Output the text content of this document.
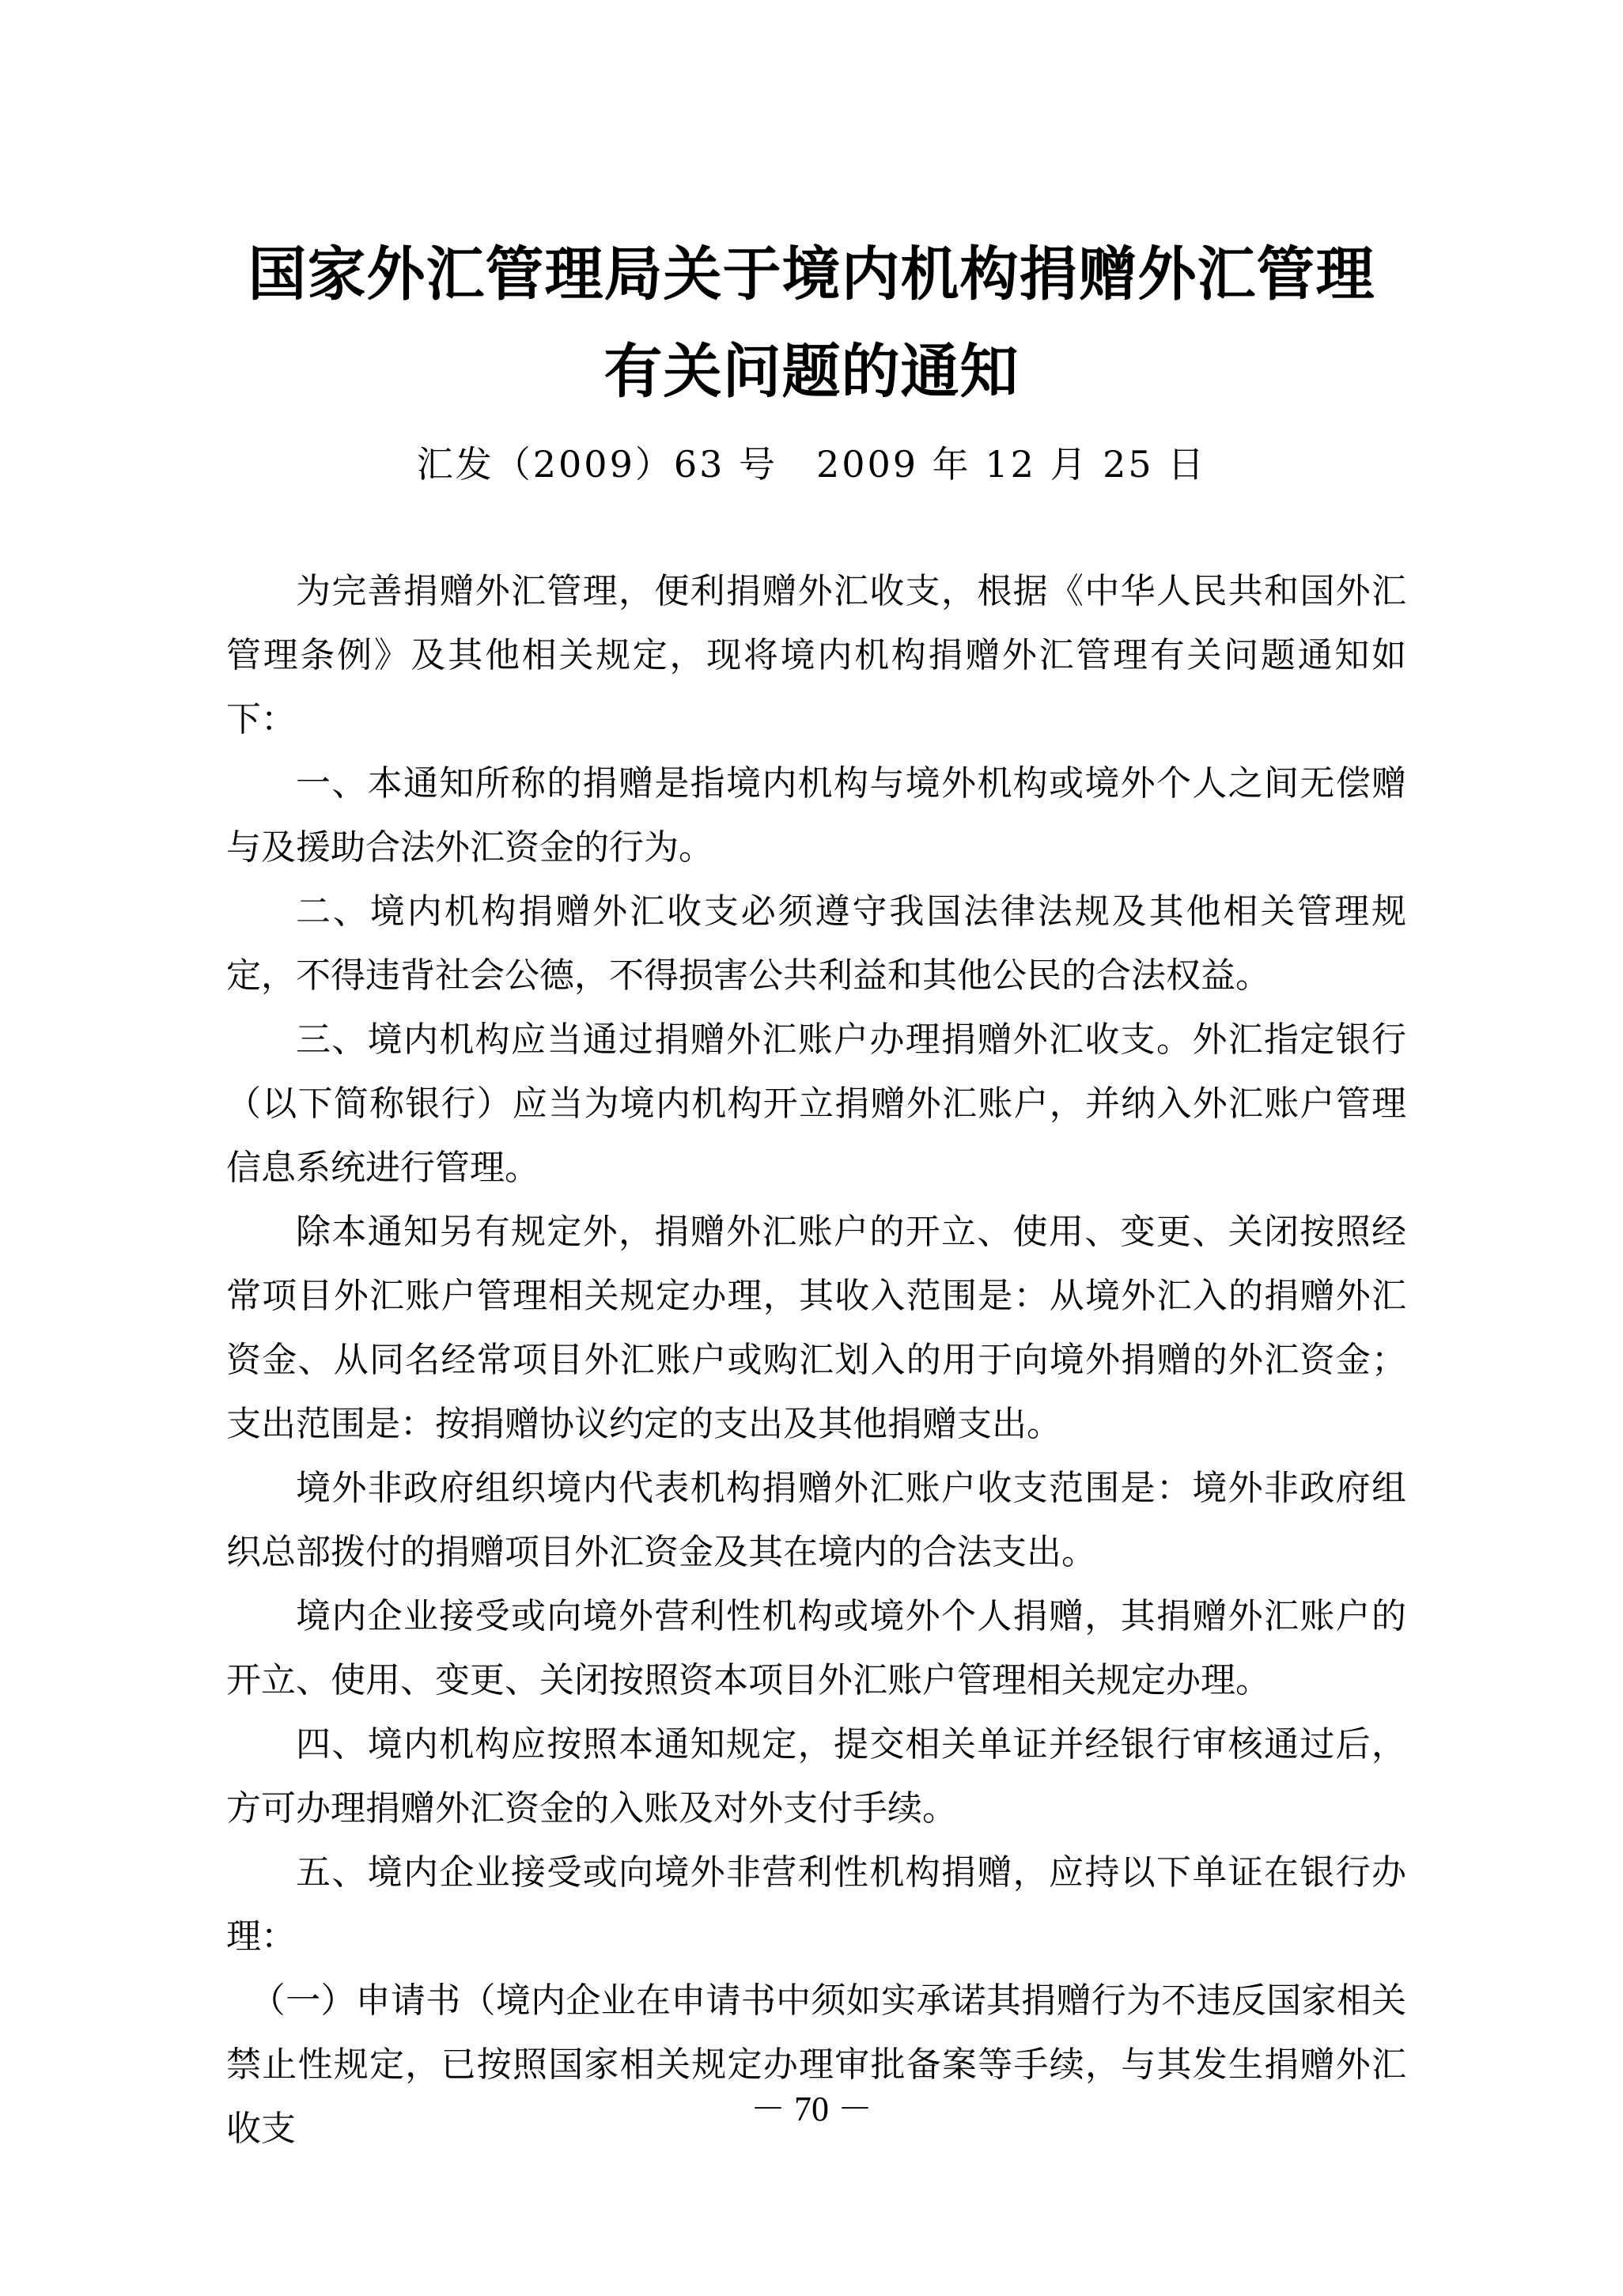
国家外汇管理局关于境内机构捐赠外汇管理
有关问题的通知
汇发（2009）63 号　2009 年 12 月 25 日

为完善捐赠外汇管理，便利捐赠外汇收支，根据《中华人民共和国外汇管理条例》及其他相关规定，现将境内机构捐赠外汇管理有关问题通知如下：

一、本通知所称的捐赠是指境内机构与境外机构或境外个人之间无偿赠与及援助合法外汇资金的行为。

二、境内机构捐赠外汇收支必须遵守我国法律法规及其他相关管理规定，不得违背社会公德，不得损害公共利益和其他公民的合法权益。

三、境内机构应当通过捐赠外汇账户办理捐赠外汇收支。外汇指定银行（以下简称银行）应当为境内机构开立捐赠外汇账户，并纳入外汇账户管理信息系统进行管理。

除本通知另有规定外，捐赠外汇账户的开立、使用、变更、关闭按照经常项目外汇账户管理相关规定办理，其收入范围是：从境外汇入的捐赠外汇资金、从同名经常项目外汇账户或购汇划入的用于向境外捐赠的外汇资金；支出范围是：按捐赠协议约定的支出及其他捐赠支出。

境外非政府组织境内代表机构捐赠外汇账户收支范围是：境外非政府组织总部拨付的捐赠项目外汇资金及其在境内的合法支出。

境内企业接受或向境外营利性机构或境外个人捐赠，其捐赠外汇账户的开立、使用、变更、关闭按照资本项目外汇账户管理相关规定办理。

四、境内机构应按照本通知规定，提交相关单证并经银行审核通过后，方可办理捐赠外汇资金的入账及对外支付手续。

五、境内企业接受或向境外非营利性机构捐赠，应持以下单证在银行办理：

（一）申请书（境内企业在申请书中须如实承诺其捐赠行为不违反国家相关禁止性规定，已按照国家相关规定办理审批备案等手续，与其发生捐赠外汇收支	－ 70 －
